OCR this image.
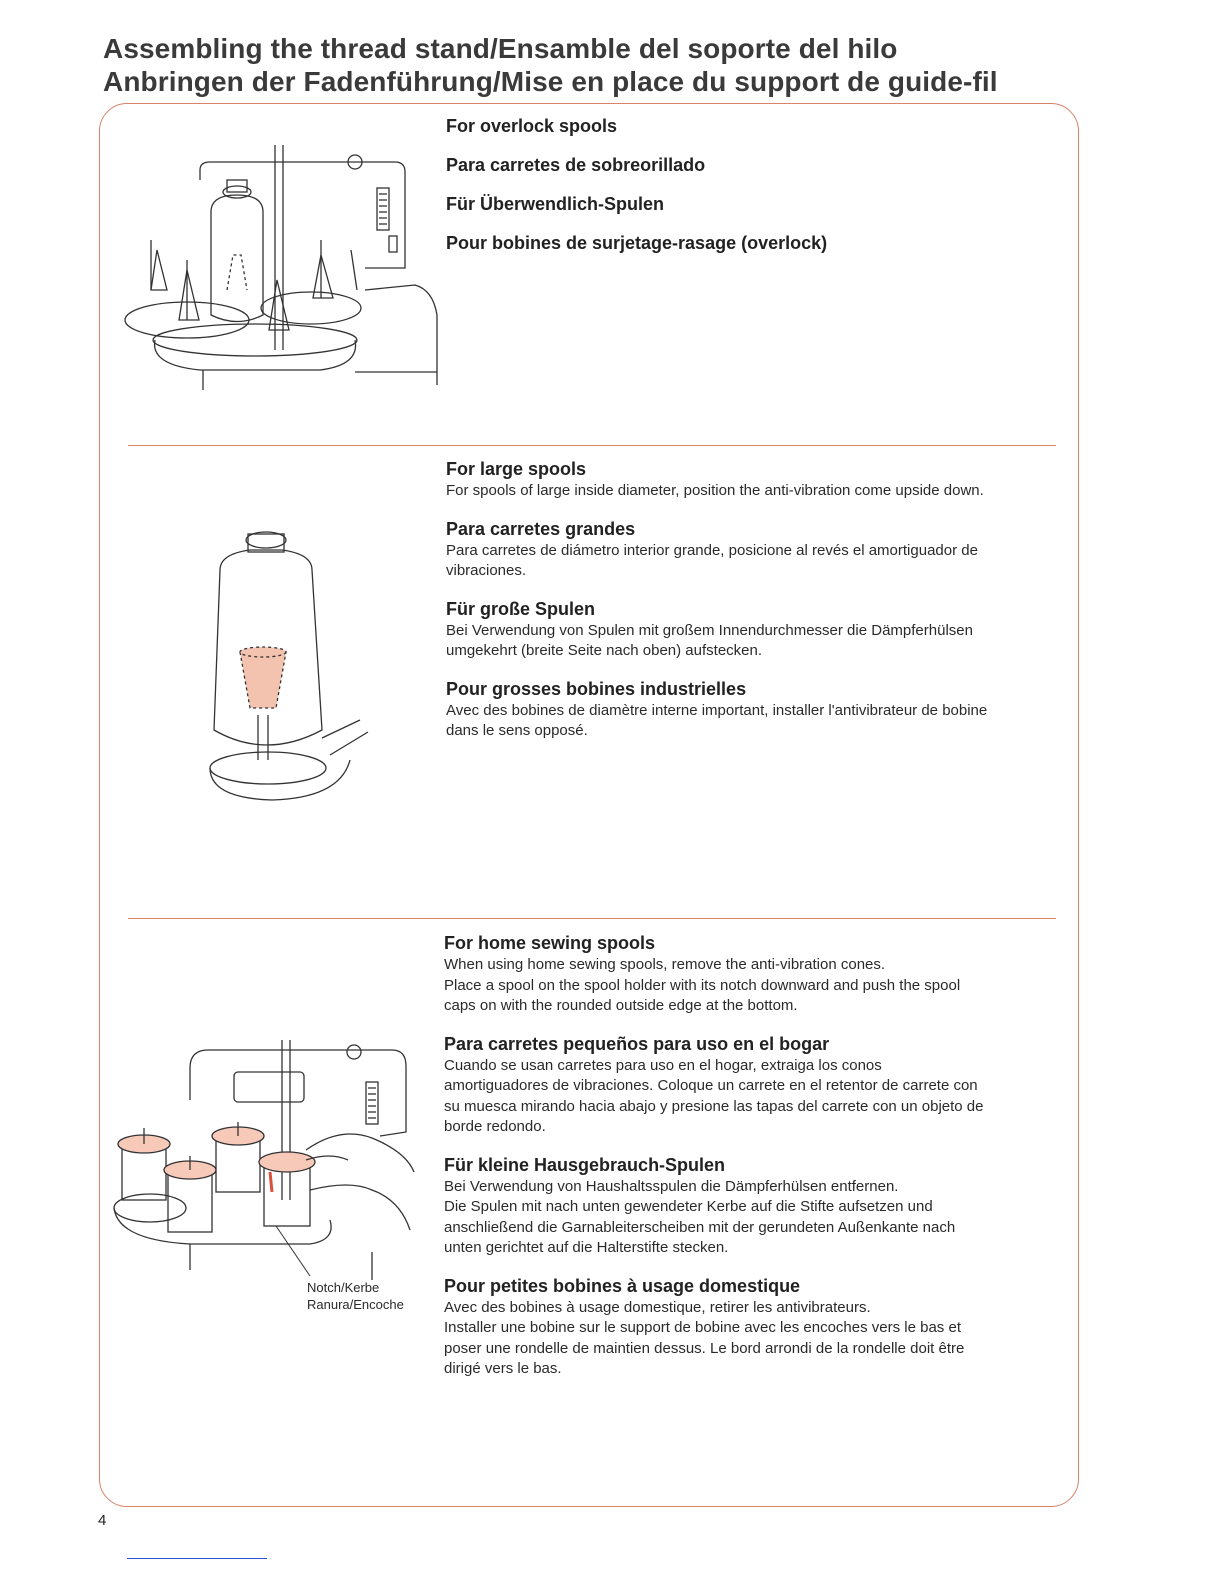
Assembling the thread stand/Ensamble del soporte del hilo
Anbringen der Fadenführung/Mise en place du support de guide-fil
Notch/Kerbe
Ranura/Encoche

For overlock spools

Para carretes de sobreorillado

Für Überwendlich-Spulen

Pour bobines de surjetage-rasage (overlock)

For large spools

For spools of large inside diameter, position the anti-vibration come upside down.

Para carretes grandes

Para carretes de diámetro interior grande, posicione al revés el amortiguador de
vibraciones.

Für große Spulen

Bei Verwendung von Spulen mit großem Innendurchmesser die Dämpferhülsen
umgekehrt (breite Seite nach oben) aufstecken.

Pour grosses bobines industrielles

Avec des bobines de diamètre interne important, installer l'antivibrateur de bobine
dans le sens opposé.

For home sewing spools

When using home sewing spools, remove the anti-vibration cones.
Place a spool on the spool holder with its notch downward and push the spool
caps on with the rounded outside edge at the bottom.

Para carretes pequeños para uso en el bogar

Cuando se usan carretes para uso en el hogar, extraiga los conos
amortiguadores de vibraciones. Coloque un carrete en el retentor de carrete con
su muesca mirando hacia abajo y presione las tapas del carrete con un objeto de
borde redondo.

Für kleine Hausgebrauch-Spulen

Bei Verwendung von Haushaltsspulen die Dämpferhülsen entfernen.
Die Spulen mit nach unten gewendeter Kerbe auf die Stifte aufsetzen und
anschließend die Garnableiterscheiben mit der gerundeten Außenkante nach
unten gerichtet auf die Halterstifte stecken.

Pour petites bobines à usage domestique

Avec des bobines à usage domestique, retirer les antivibrateurs.
Installer une bobine sur le support de bobine avec les encoches vers le bas et
poser une rondelle de maintien dessus. Le bord arrondi de la rondelle doit être
dirigé vers le bas.

4
